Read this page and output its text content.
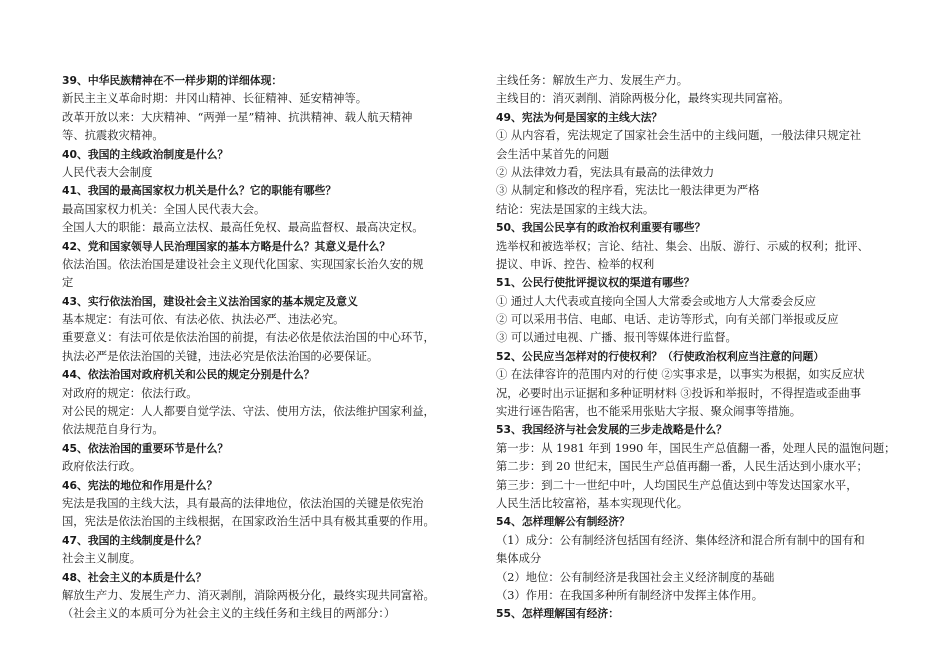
39、中华民族精神在不一样步期的详细体现：
新民主主义革命时期：井冈山精神、长征精神、延安精神等。
改革开放以来：大庆精神、“两弹一星”精神、抗洪精神、载人航天精神
等、抗震救灾精神。
40、我国的主线政治制度是什么？
人民代表大会制度
41、我国的最高国家权力机关是什么？它的职能有哪些？
最高国家权力机关：全国人民代表大会。
全国人大的职能：最高立法权、最高任免权、最高监督权、最高决定权。
42、党和国家领导人民治理国家的基本方略是什么？其意义是什么？
依法治国。依法治国是建设社会主义现代化国家、实现国家长治久安的规
定
43、实行依法治国，建设社会主义法治国家的基本规定及意义
基本规定：有法可依、有法必依、执法必严、违法必究。
重要意义：有法可依是依法治国的前提，有法必依是依法治国的中心环节，
执法必严是依法治国的关键，违法必究是依法治国的必要保证。
44、依法治国对政府机关和公民的规定分别是什么？
对政府的规定：依法行政。
对公民的规定：人人都要自觉学法、守法、使用方法，依法维护国家利益，
依法规范自身行为。
45、依法治国的重要环节是什么？
政府依法行政。
46、宪法的地位和作用是什么？
宪法是我国的主线大法，具有最高的法律地位，依法治国的关键是依宪治
国，宪法是依法治国的主线根据，在国家政治生活中具有极其重要的作用。
47、我国的主线制度是什么？
社会主义制度。
48、社会主义的本质是什么？
解放生产力、发展生产力、消灭剥削，消除两极分化，最终实现共同富裕。
（社会主义的本质可分为社会主义的主线任务和主线目的两部分：）
主线任务：解放生产力、发展生产力。
主线目的：消灭剥削、消除两极分化，最终实现共同富裕。
49、宪法为何是国家的主线大法？
① 从内容看，宪法规定了国家社会生活中的主线问题，一般法律只规定社
会生活中某首先的问题
② 从法律效力看，宪法具有最高的法律效力
③ 从制定和修改的程序看，宪法比一般法律更为严格
结论：宪法是国家的主线大法。
50、我国公民享有的政治权利重要有哪些？
选举权和被选举权；言论、结社、集会、出版、游行、示威的权利；批评、
提议、申诉、控告、检举的权利
51、公民行使批评提议权的渠道有哪些？
① 通过人大代表或直接向全国人大常委会或地方人大常委会反应
② 可以采用书信、电邮、电话、走访等形式，向有关部门举报或反应
③ 可以通过电视、广播、报刊等媒体进行监督。
52、公民应当怎样对的行使权利？（行使政治权利应当注意的问题）
① 在法律容许的范围内对的行使 ②实事求是，以事实为根据，如实反应状
况，必要时出示证据和多种证明材料 ③投诉和举报时，不得捏造或歪曲事
实进行诬告陷害，也不能采用张贴大字报、聚众闹事等措施。
53、我国经济与社会发展的三步走战略是什么？
第一步：从 1981 年到 1990 年，国民生产总值翻一番，处理人民的温饱问题；
第二步：到 20 世纪末，国民生产总值再翻一番，人民生活达到小康水平；
第三步：到二十一世纪中叶，人均国民生产总值达到中等发达国家水平，
人民生活比较富裕，基本实现现代化。
54、怎样理解公有制经济？
（1）成分：公有制经济包括国有经济、集体经济和混合所有制中的国有和
集体成分
（2）地位：公有制经济是我国社会主义经济制度的基础
（3）作用：在我国多种所有制经济中发挥主体作用。
55、怎样理解国有经济：
